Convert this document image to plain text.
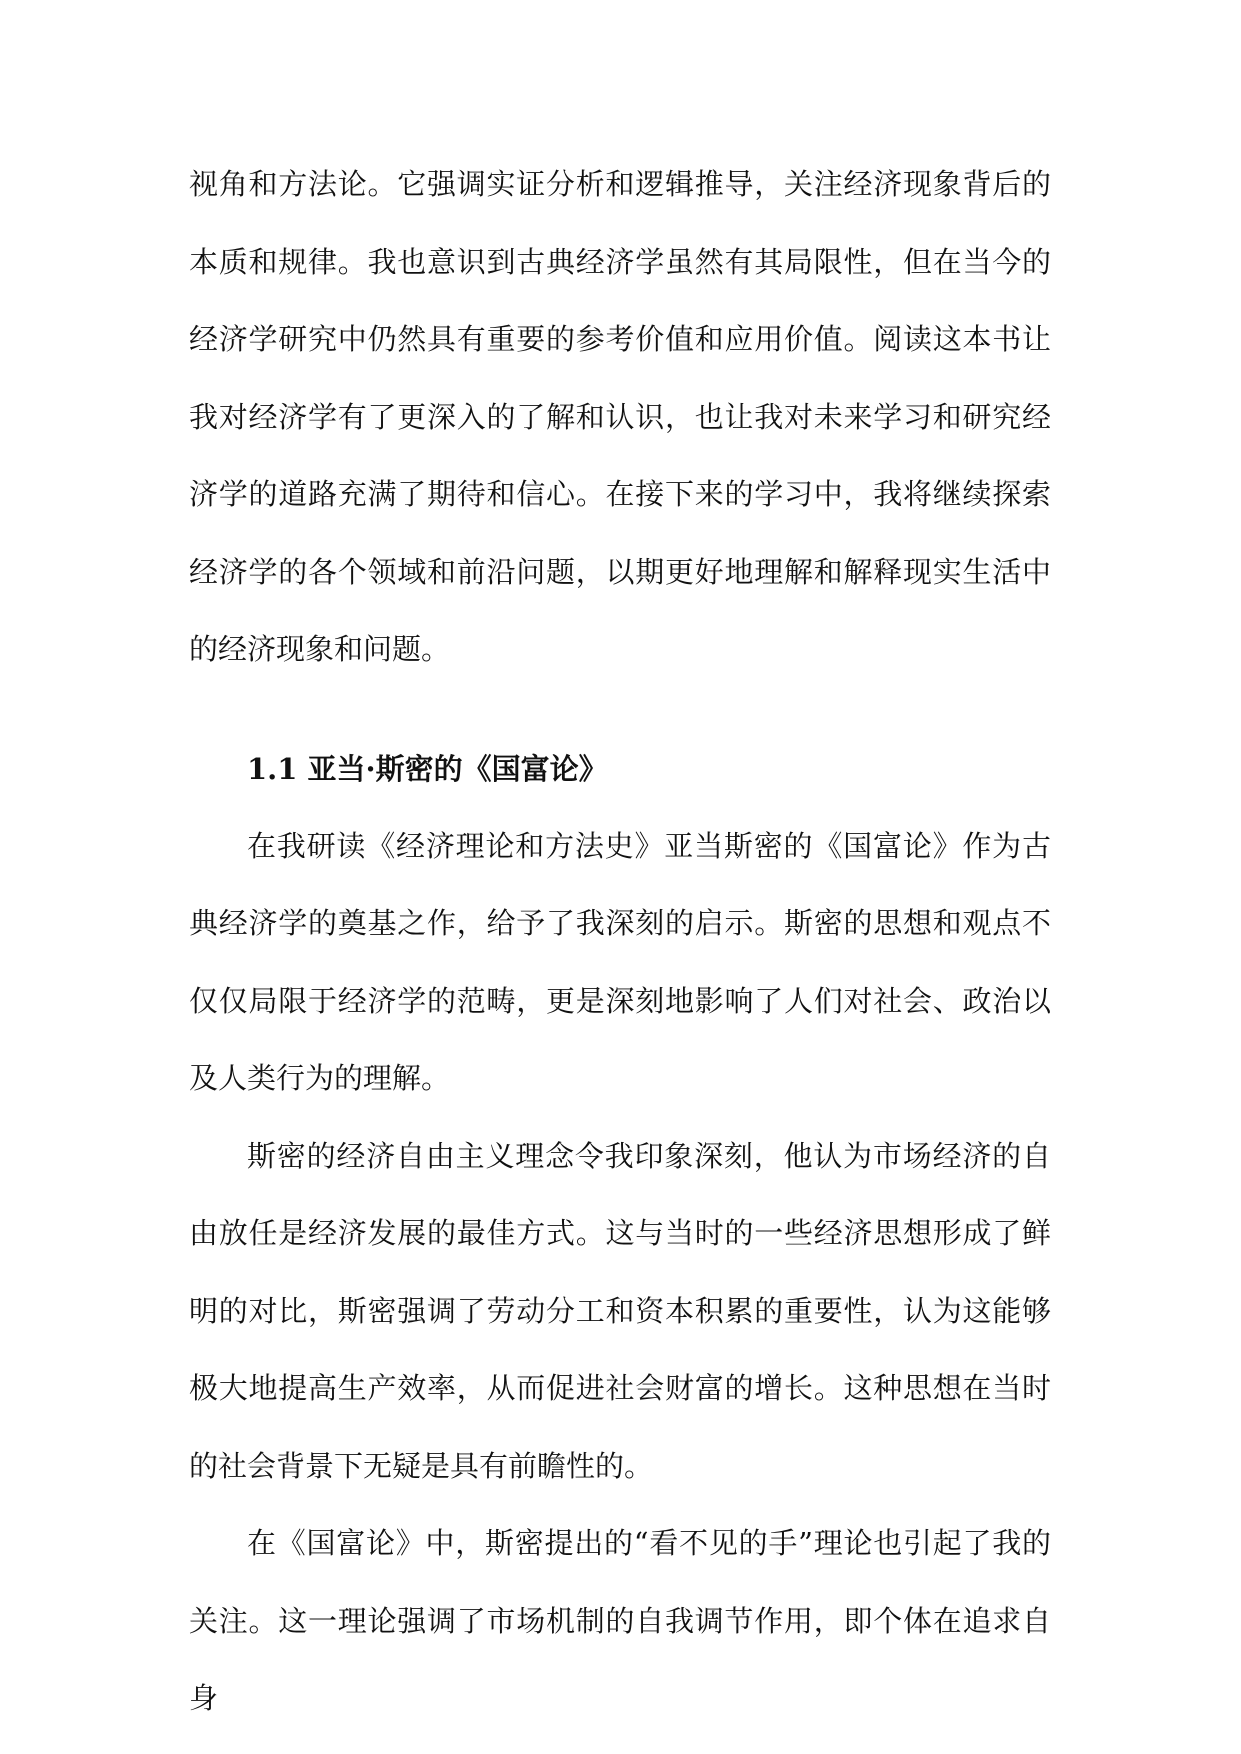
视角和方法论。它强调实证分析和逻辑推导，关注经济现象背后的本质和规律。我也意识到古典经济学虽然有其局限性，但在当今的经济学研究中仍然具有重要的参考价值和应用价值。阅读这本书让我对经济学有了更深入的了解和认识，也让我对未来学习和研究经济学的道路充满了期待和信心。在接下来的学习中，我将继续探索经济学的各个领域和前沿问题，以期更好地理解和解释现实生活中的经济现象和问题。

1.1 亚当·斯密的《国富论》

在我研读《经济理论和方法史》亚当斯密的《国富论》作为古典经济学的奠基之作，给予了我深刻的启示。斯密的思想和观点不仅仅局限于经济学的范畴，更是深刻地影响了人们对社会、政治以及人类行为的理解。

斯密的经济自由主义理念令我印象深刻，他认为市场经济的自由放任是经济发展的最佳方式。这与当时的一些经济思想形成了鲜明的对比，斯密强调了劳动分工和资本积累的重要性，认为这能够极大地提高生产效率，从而促进社会财富的增长。这种思想在当时的社会背景下无疑是具有前瞻性的。

在《国富论》中，斯密提出的“看不见的手”理论也引起了我的关注。这一理论强调了市场机制的自我调节作用，即个体在追求自身
